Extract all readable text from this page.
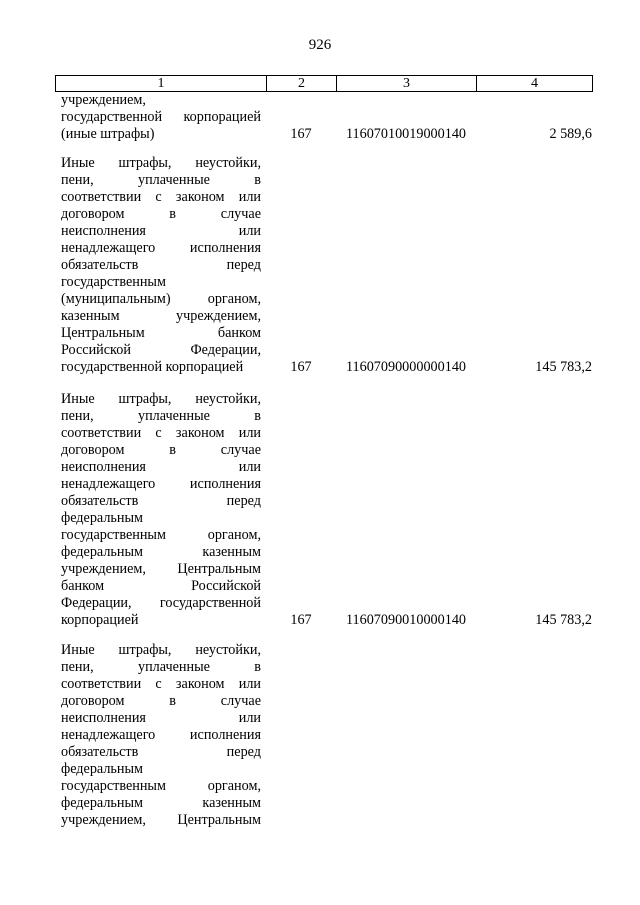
926
1	2	3	4
учреждением,
государственной корпорацией
(иные штрафы)	167	11607010019000140	2 589,6
Иные штрафы, неустойки,
пени, уплаченные в
соответствии с законом или
договором в случае
неисполнения или
ненадлежащего исполнения
обязательств перед
государственным
(муниципальным) органом,
казенным учреждением,
Центральным банком
Российской Федерации,
государственной корпорацией	167	11607090000000140	145 783,2
Иные штрафы, неустойки,
пени, уплаченные в
соответствии с законом или
договором в случае
неисполнения или
ненадлежащего исполнения
обязательств перед
федеральным
государственным органом,
федеральным казенным
учреждением, Центральным
банком Российской
Федерации, государственной
корпорацией	167	11607090010000140	145 783,2
Иные штрафы, неустойки,
пени, уплаченные в
соответствии с законом или
договором в случае
неисполнения или
ненадлежащего исполнения
обязательств перед
федеральным
государственным органом,
федеральным казенным
учреждением, Центральным
